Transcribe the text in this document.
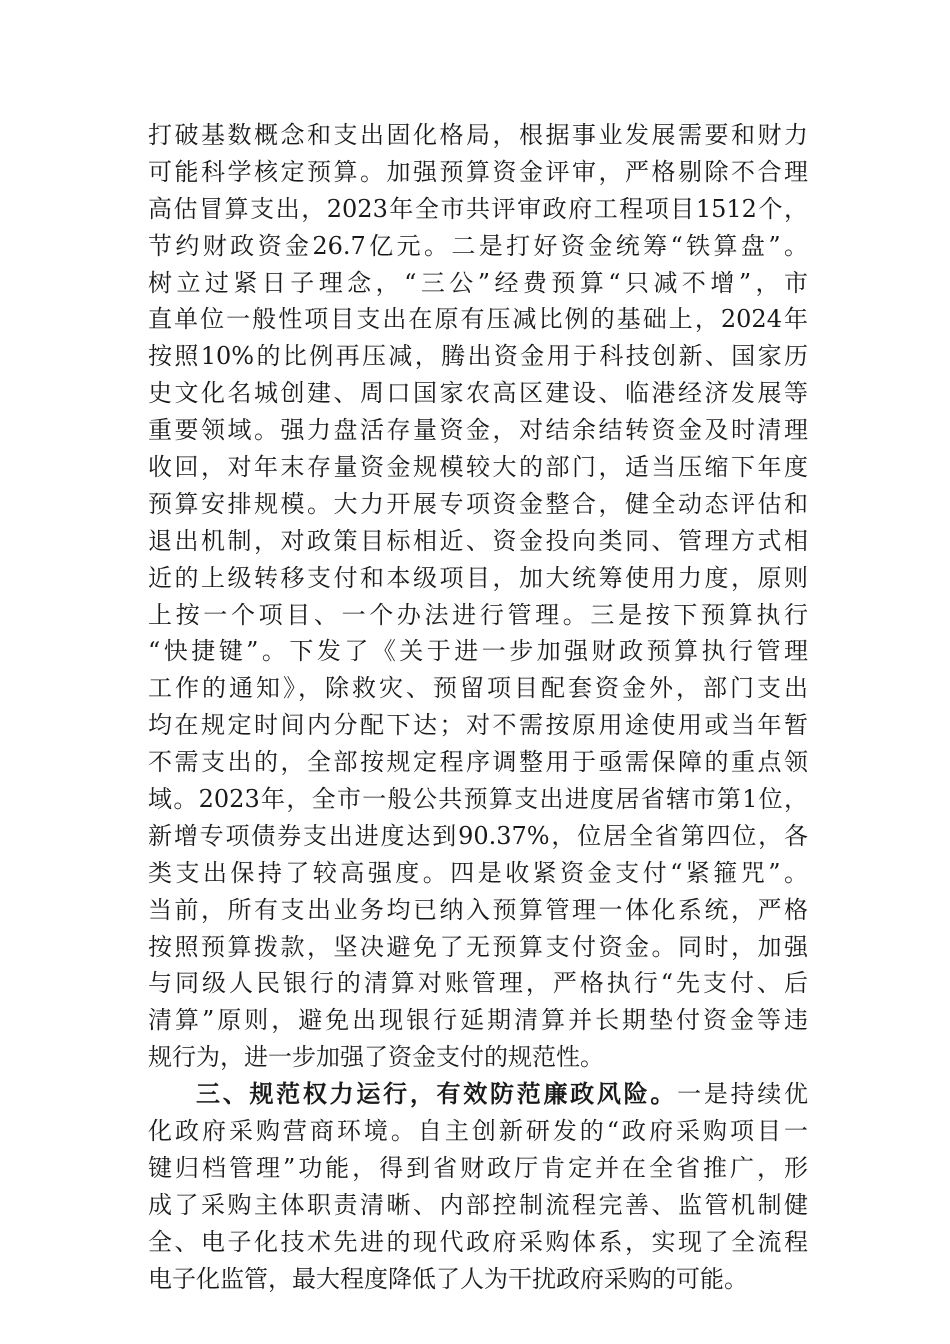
打破基数概念和支出固化格局，根据事业发展需要和财力
可能科学核定预算。加强预算资金评审，严格剔除不合理
高估冒算支出，2023年全市共评审政府工程项目1512个，
节约财政资金26.7亿元。二是打好资金统筹“铁算盘”。
树立过紧日子理念，“三公”经费预算“只减不增”，市
直单位一般性项目支出在原有压减比例的基础上，2024年
按照10%的比例再压减，腾出资金用于科技创新、国家历
史文化名城创建、周口国家农高区建设、临港经济发展等
重要领域。强力盘活存量资金，对结余结转资金及时清理
收回，对年末存量资金规模较大的部门，适当压缩下年度
预算安排规模。大力开展专项资金整合，健全动态评估和
退出机制，对政策目标相近、资金投向类同、管理方式相
近的上级转移支付和本级项目，加大统筹使用力度，原则
上按一个项目、一个办法进行管理。三是按下预算执行
“快捷键”。下发了《关于进一步加强财政预算执行管理
工作的通知》，除救灾、预留项目配套资金外，部门支出
均在规定时间内分配下达；对不需按原用途使用或当年暂
不需支出的，全部按规定程序调整用于亟需保障的重点领
域。2023年，全市一般公共预算支出进度居省辖市第1位，
新增专项债券支出进度达到90.37%，位居全省第四位，各
类支出保持了较高强度。四是收紧资金支付“紧箍咒”。
当前，所有支出业务均已纳入预算管理一体化系统，严格
按照预算拨款，坚决避免了无预算支付资金。同时，加强
与同级人民银行的清算对账管理，严格执行“先支付、后
清算”原则，避免出现银行延期清算并长期垫付资金等违
规行为，进一步加强了资金支付的规范性。
三、规范权力运行，有效防范廉政风险。一是持续优
化政府采购营商环境。自主创新研发的“政府采购项目一
键归档管理”功能，得到省财政厅肯定并在全省推广，形
成了采购主体职责清晰、内部控制流程完善、监管机制健
全、电子化技术先进的现代政府采购体系，实现了全流程
电子化监管，最大程度降低了人为干扰政府采购的可能。
